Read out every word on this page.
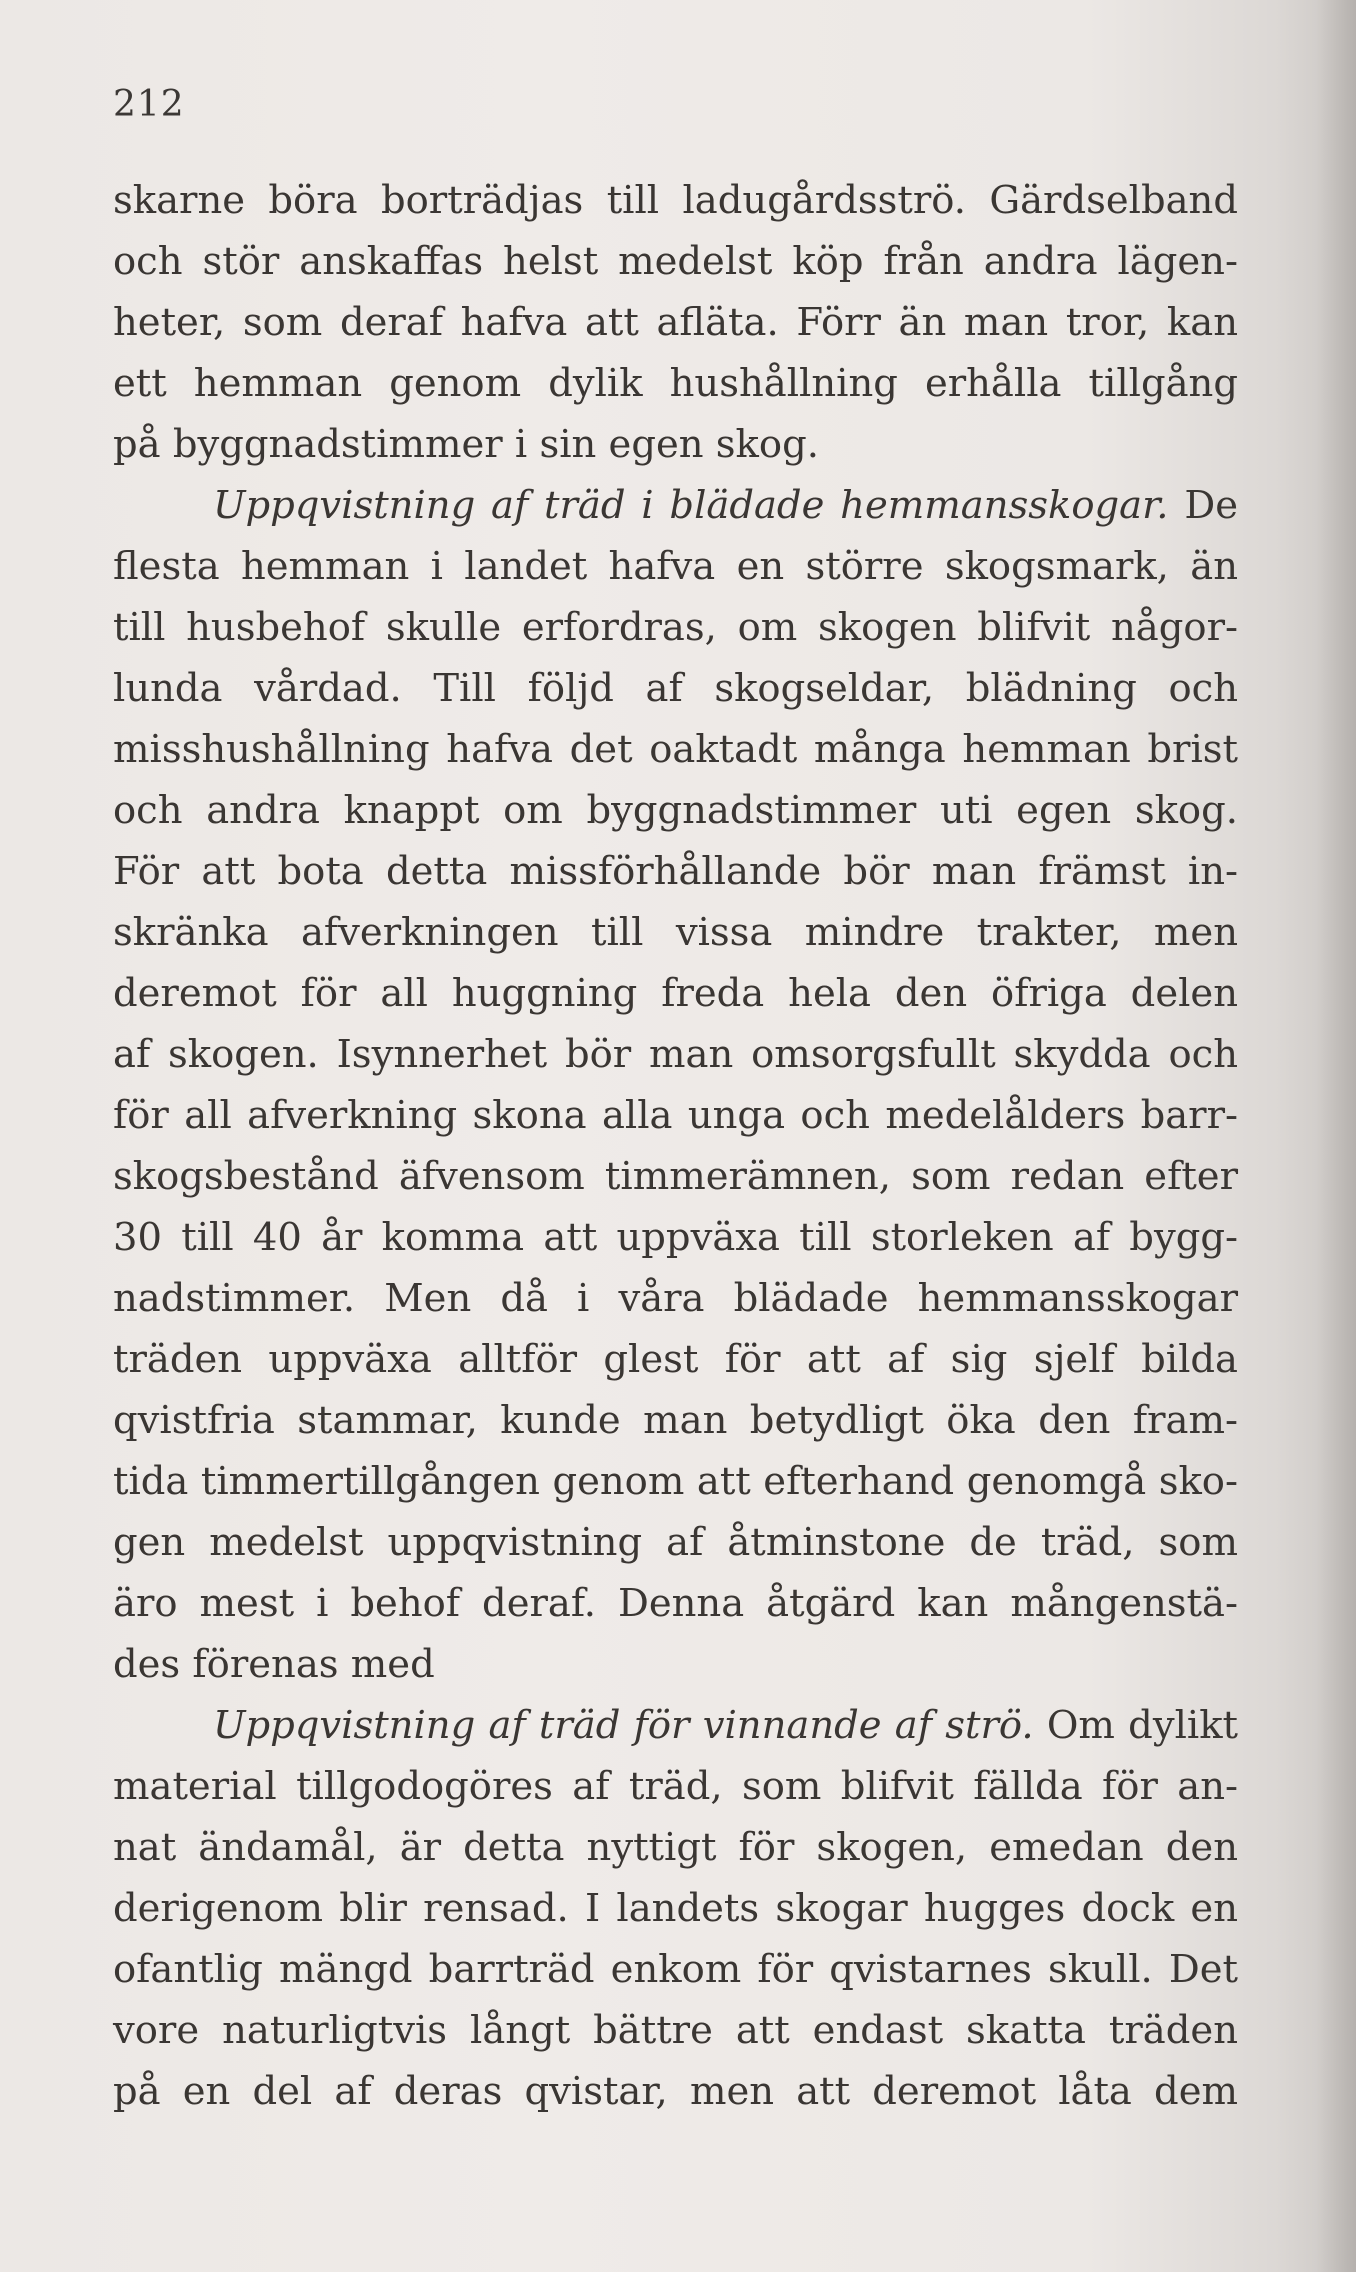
212
skarne böra borträdjas till ladugårdsströ. Gärdselband
och stör anskaffas helst medelst köp från andra lägen-
heter, som deraf hafva att afläta. Förr än man tror, kan
ett hemman genom dylik hushållning erhålla tillgång
på byggnadstimmer i sin egen skog.
Uppqvistning af träd i blädade hemmansskogar. De
flesta hemman i landet hafva en större skogsmark, än
till husbehof skulle erfordras, om skogen blifvit någor-
lunda vårdad. Till följd af skogseldar, blädning och
misshushållning hafva det oaktadt många hemman brist
och andra knappt om byggnadstimmer uti egen skog.
För att bota detta missförhållande bör man främst in-
skränka afverkningen till vissa mindre trakter, men
deremot för all huggning freda hela den öfriga delen
af skogen. Isynnerhet bör man omsorgsfullt skydda och
för all afverkning skona alla unga och medelålders barr-
skogsbestånd äfvensom timmerämnen, som redan efter
30 till 40 år komma att uppväxa till storleken af bygg-
nadstimmer. Men då i våra blädade hemmansskogar
träden uppväxa alltför glest för att af sig sjelf bilda
qvistfria stammar, kunde man betydligt öka den fram-
tida timmertillgången genom att efterhand genomgå sko-
gen medelst uppqvistning af åtminstone de träd, som
äro mest i behof deraf. Denna åtgärd kan mångenstä-
des förenas med
Uppqvistning af träd för vinnande af strö. Om dylikt
material tillgodogöres af träd, som blifvit fällda för an-
nat ändamål, är detta nyttigt för skogen, emedan den
derigenom blir rensad. I landets skogar hugges dock en
ofantlig mängd barrträd enkom för qvistarnes skull. Det
vore naturligtvis långt bättre att endast skatta träden
på en del af deras qvistar, men att deremot låta dem
